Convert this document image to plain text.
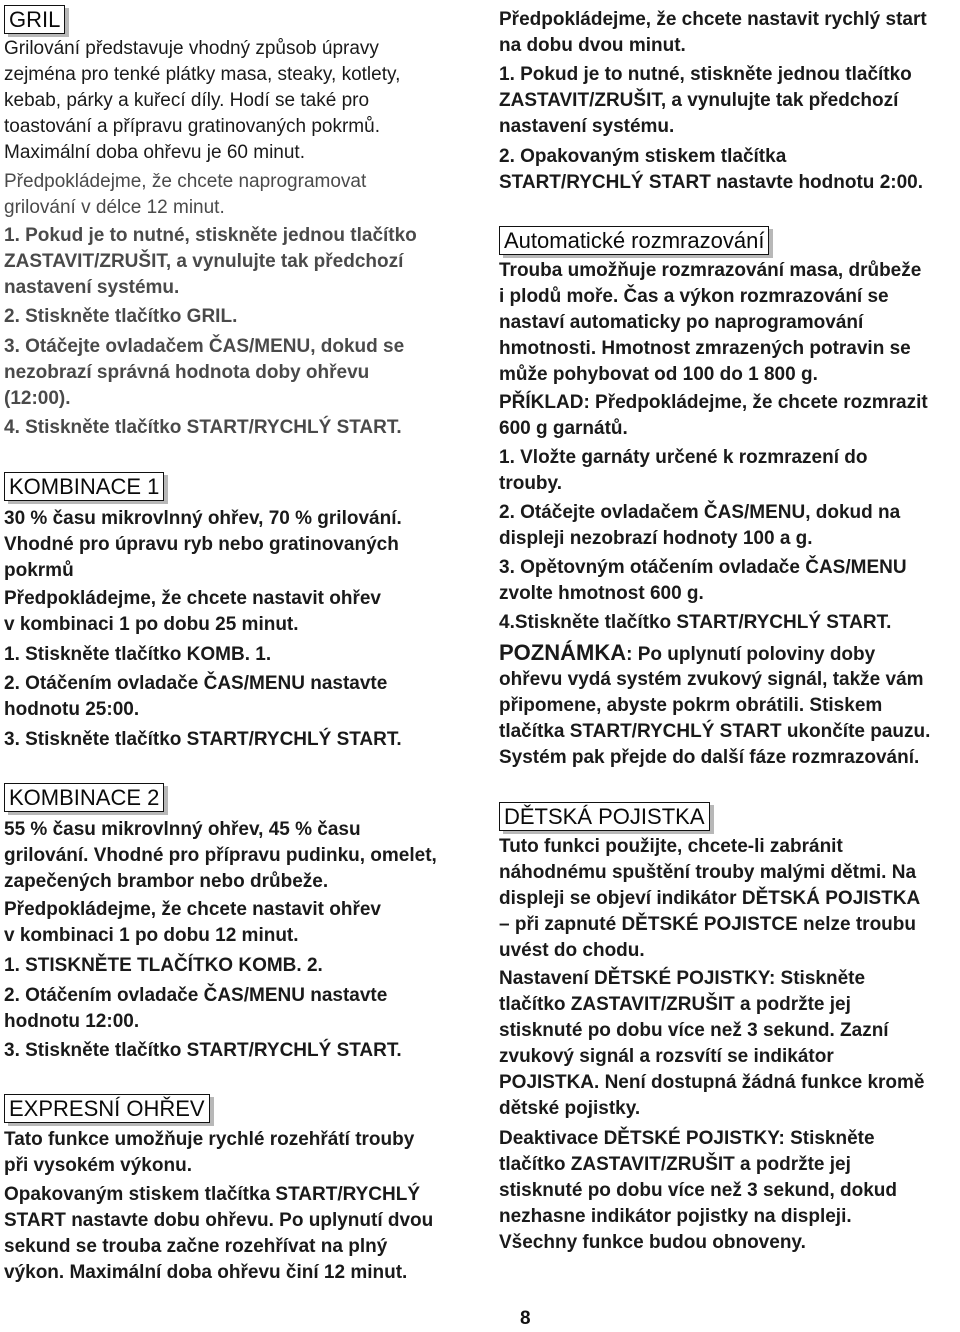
GRIL

Grilování představuje vhodný způsob úpravy

zejména pro tenké plátky masa, steaky, kotlety,

kebab, párky a kuřecí díly. Hodí se také pro

toastování a přípravu gratinovaných pokrmů.

Maximální doba ohřevu je 60 minut.

Předpokládejme, že chcete naprogramovat

grilování v délce 12 minut.

1. Pokud je to nutné, stiskněte jednou tlačítko

ZASTAVIT/ZRUŠIT, a vynulujte tak předchozí

nastavení systému.

2. Stiskněte tlačítko GRIL.

3. Otáčejte ovladačem ČAS/MENU, dokud se

nezobrazí správná hodnota doby ohřevu

(12:00).

4. Stiskněte tlačítko START/RYCHLÝ START.

KOMBINACE 1

30 % času mikrovlnný ohřev, 70 % grilování.

Vhodné pro úpravu ryb nebo gratinovaných

pokrmů

Předpokládejme, že chcete nastavit ohřev

v kombinaci 1 po dobu 25 minut.

1. Stiskněte tlačítko KOMB. 1.

2. Otáčením ovladače ČAS/MENU nastavte

hodnotu 25:00.

3. Stiskněte tlačítko START/RYCHLÝ START.

KOMBINACE 2

55 % času mikrovlnný ohřev, 45 % času

grilování. Vhodné pro přípravu pudinku, omelet,

zapečených brambor nebo drůbeže.

Předpokládejme, že chcete nastavit ohřev

v kombinaci 1 po dobu 12 minut.

1. STISKNĚTE TLAČÍTKO KOMB. 2.

2. Otáčením ovladače ČAS/MENU nastavte

hodnotu 12:00.

3. Stiskněte tlačítko START/RYCHLÝ START.

EXPRESNÍ OHŘEV

Tato funkce umožňuje rychlé rozehřátí trouby

při vysokém výkonu.

Opakovaným stiskem tlačítka START/RYCHLÝ

START nastavte dobu ohřevu. Po uplynutí dvou

sekund se trouba začne rozehřívat na plný

výkon. Maximální doba ohřevu činí 12 minut.

Předpokládejme, že chcete nastavit rychlý start

na dobu dvou minut.

1. Pokud je to nutné, stiskněte jednou tlačítko

ZASTAVIT/ZRUŠIT, a vynulujte tak předchozí

nastavení systému.

2. Opakovaným stiskem tlačítka

START/RYCHLÝ START nastavte hodnotu 2:00.

Automatické rozmrazování

Trouba umožňuje rozmrazování masa, drůbeže

i plodů moře. Čas a výkon rozmrazování se

nastaví automaticky po naprogramování

hmotnosti. Hmotnost zmrazených potravin se

může pohybovat od 100 do 1 800 g.

PŘÍKLAD: Předpokládejme, že chcete rozmrazit

600 g garnátů.

1. Vložte garnáty určené k rozmrazení do

trouby.

2. Otáčejte ovladačem ČAS/MENU, dokud na

displeji nezobrazí hodnoty 100 a g.

3. Opětovným otáčením ovladače ČAS/MENU

zvolte hmotnost 600 g.

4.Stiskněte tlačítko START/RYCHLÝ START.

POZNÁMKA: Po uplynutí poloviny doby

ohřevu vydá systém zvukový signál, takže vám

připomene, abyste pokrm obrátili. Stiskem

tlačítka START/RYCHLÝ START ukončíte pauzu.

Systém pak přejde do další fáze rozmrazování.

DĚTSKÁ POJISTKA

Tuto funkci použijte, chcete-li zabránit

náhodnému spuštění trouby malými dětmi. Na

displeji se objeví indikátor DĚTSKÁ POJISTKA

– při zapnuté DĚTSKÉ POJISTCE nelze troubu

uvést do chodu.

Nastavení DĚTSKÉ POJISTKY: Stiskněte

tlačítko ZASTAVIT/ZRUŠIT a podržte jej

stisknuté po dobu více než 3 sekund. Zazní

zvukový signál a rozsvítí se indikátor

POJISTKA. Není dostupná žádná funkce kromě

dětské pojistky.

Deaktivace DĚTSKÉ POJISTKY: Stiskněte

tlačítko ZASTAVIT/ZRUŠIT a podržte jej

stisknuté po dobu více než 3 sekund, dokud

nezhasne indikátor pojistky na displeji.

Všechny funkce budou obnoveny.

8
